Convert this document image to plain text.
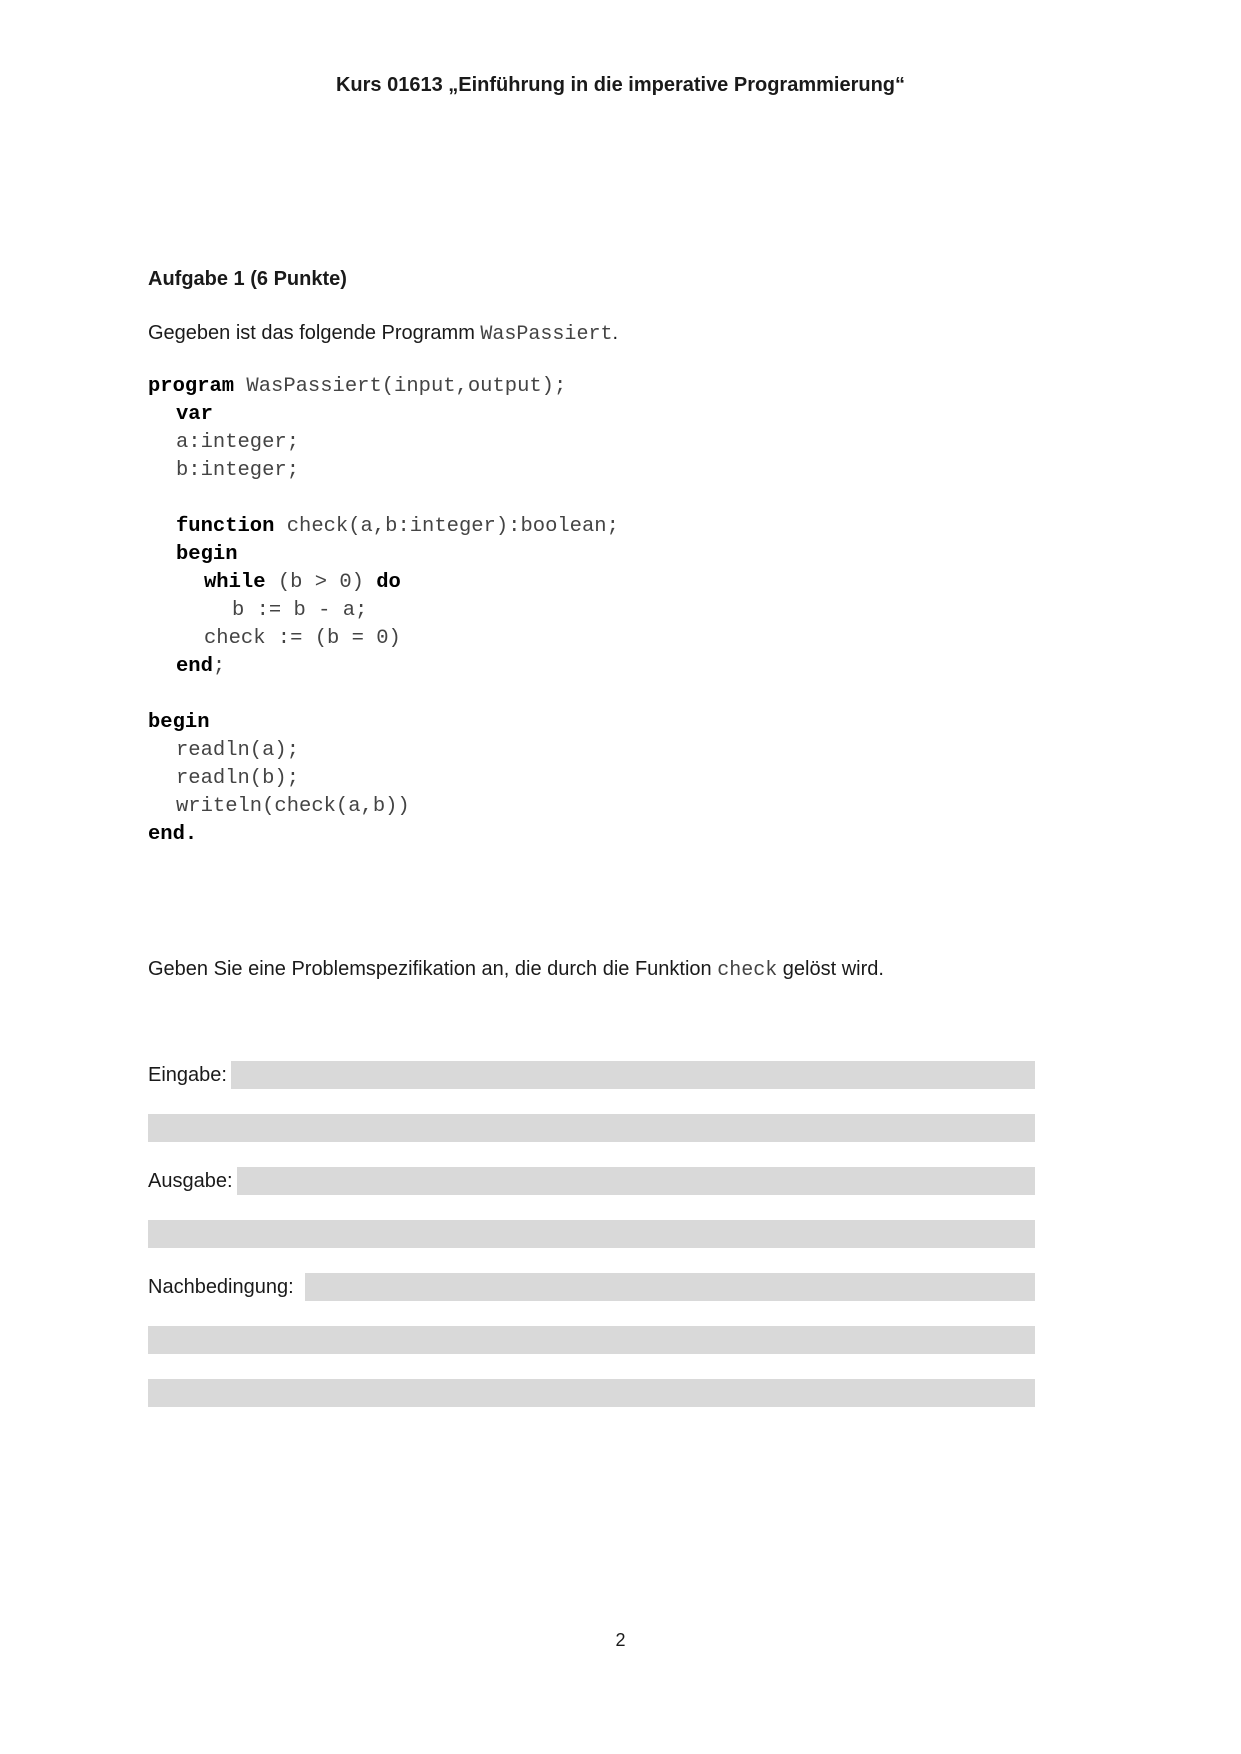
Kurs 01613 „Einführung in die imperative Programmierung“
Aufgabe 1 (6 Punkte)
Gegeben ist das folgende Programm WasPassiert.
program WasPassiert(input,output);
var
a:integer;
b:integer;
function check(a,b:integer):boolean;
begin
while (b > 0) do
b := b - a;
check := (b = 0)
end;
begin
readln(a);
readln(b);
writeln(check(a,b))
end.
Geben Sie eine Problemspezifikation an, die durch die Funktion check gelöst wird.
Eingabe:
Ausgabe:
Nachbedingung:
2
